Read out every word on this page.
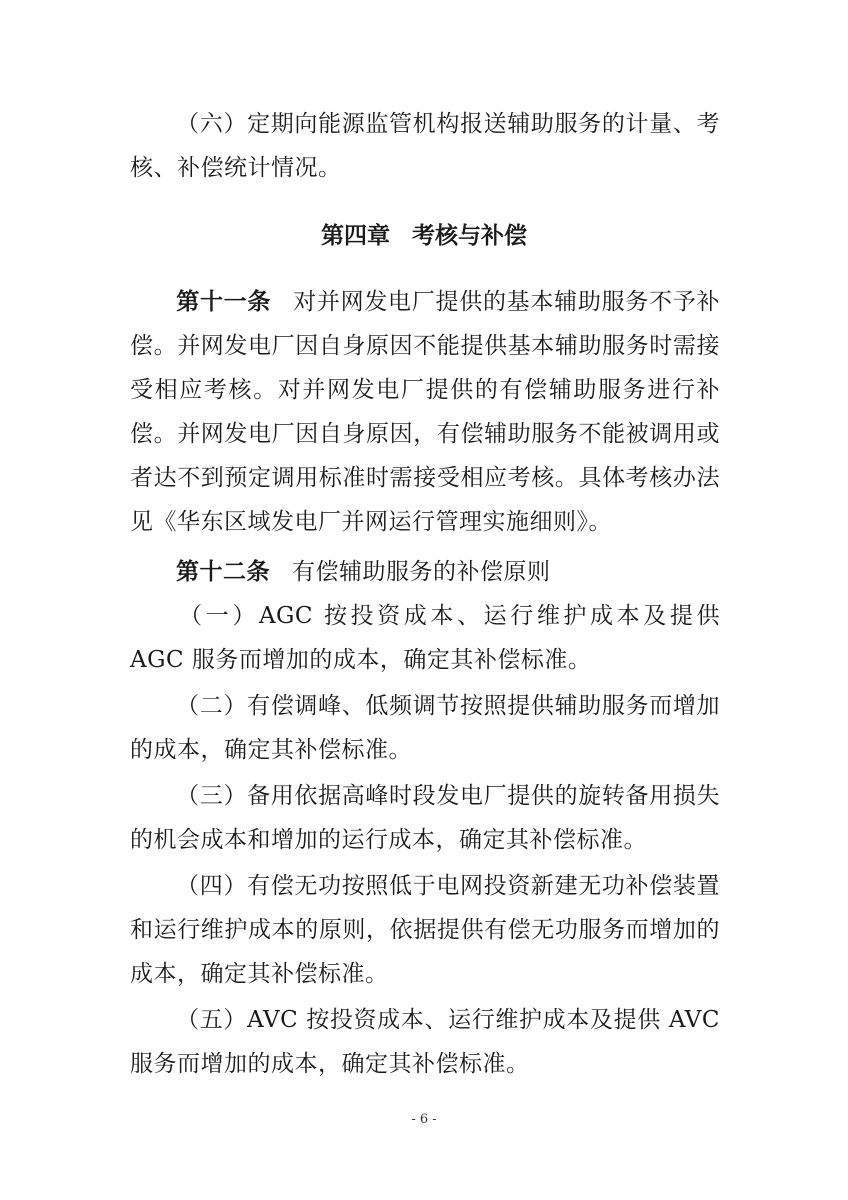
（六）定期向能源监管机构报送辅助服务的计量、考核、补偿统计情况。

第四章 考核与补偿

第十一条 对并网发电厂提供的基本辅助服务不予补偿。并网发电厂因自身原因不能提供基本辅助服务时需接受相应考核。对并网发电厂提供的有偿辅助服务进行补偿。并网发电厂因自身原因，有偿辅助服务不能被调用或者达不到预定调用标准时需接受相应考核。具体考核办法见《华东区域发电厂并网运行管理实施细则》。

第十二条 有偿辅助服务的补偿原则

（一）AGC 按投资成本、运行维护成本及提供 AGC 服务而增加的成本，确定其补偿标准。

（二）有偿调峰、低频调节按照提供辅助服务而增加的成本，确定其补偿标准。

（三）备用依据高峰时段发电厂提供的旋转备用损失的机会成本和增加的运行成本，确定其补偿标准。

（四）有偿无功按照低于电网投资新建无功补偿装置和运行维护成本的原则，依据提供有偿无功服务而增加的成本，确定其补偿标准。

（五）AVC 按投资成本、运行维护成本及提供 AVC 服务而增加的成本，确定其补偿标准。

- 6 -
